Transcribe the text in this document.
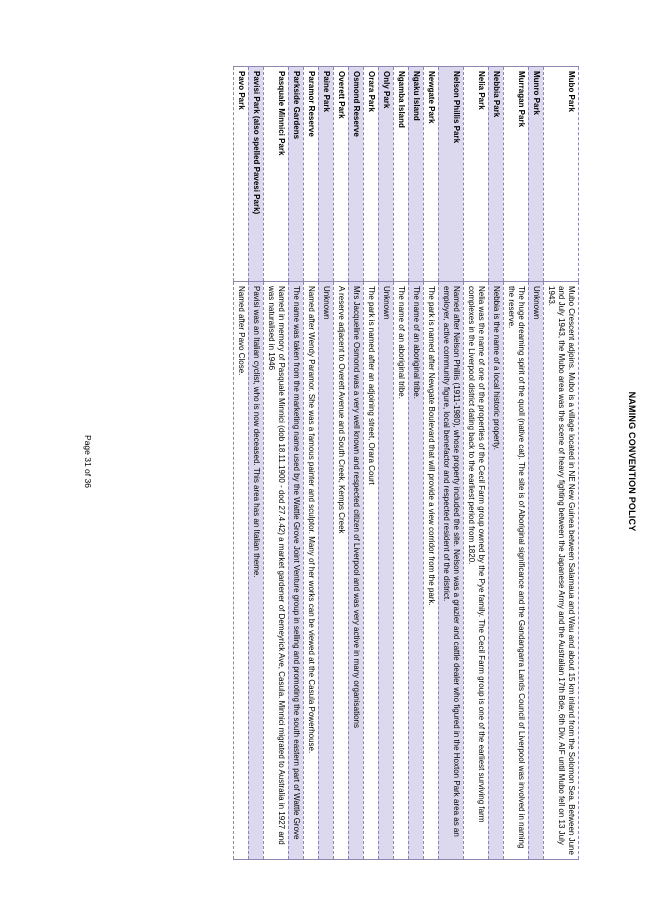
NAMING CONVENTION POLICY
Mubo Park	Mubo Crescent adjoins. Mubo is a village located in NE New Guinea between Salamaua and Wau and about 15 km inland from the Solomon Sea. Between June and July 1943, the Mubo area was the scene of heavy fighting between the Japanese Army and the Australian 17th Bde, 6th Div. AIF until Mubo fell on 13 July 1943.
Munro Park	Unknown
Murragan Park	The huge dreaming spirit of the quoll (native cat). The site is of Aboriginal significance and the Gandangarra Lands Council of Liverpool was involved in naming the reserve.
Nebbia Park	Nebbia is the name of a local historic property.
Nelia Park	Nelia was the name of one of the properties of the Cecil Farm group owned by the Pye family. The Cecil Farm group is one of the earliest surviving farm complexes in the Liverpool district dating back to the earliest period from 1820.
Nelson Phillis Park	Named after Nelson Phillis (1911-1980), whose property included the site. Nelson was a grazier and cattle dealer who figured in the Hoxton Park area as an employer, active community figure, local benefactor and respected resident of the district.
Newgate Park	The park is named after Newgate Boulevard that will provide a view corridor from the park.
Ngaku Island	The name of an aboriginal tribe.
Ngamba Island	The name of an aboriginal tribe.
Only Park	Unknown
Orara Park	The park is named after an adjoining street, Orara Court
Osmond Reserve	Mrs Jacqueline Osmond was a very well known and respected citizen of Liverpool and was very active in many organisations
Overett Park	A reserve adjacent to Overett Avenue and South Creek, Kemps Creek
Paine Park	Unknown
Paramor Reserve	Named after Wendy Paramor. She was a famous painter and sculptor. Many of her works can be viewed at the Casula Powerhouse.
Parkside Gardens	The name was taken from the marketing name used by the Wattle Grove Joint Venture group in selling and promoting the south eastern part of Wattle Grove
Pasquale Minnici Park	Named in memory of Pasquale Minnici (dob 18.11.1900 - dod 27.4.42) a market gardener of Demeyrick Ave, Casula. Minnici migrated to Australia in 1927 and was naturalised in 1946
Pavisi Park (also spelled Pavesi Park)	Pavisi was an Italian cyclist, who is now deceased. This area has an Italian theme.
Pavo Park	Named after Pavo Close.
Page 31 of 36
